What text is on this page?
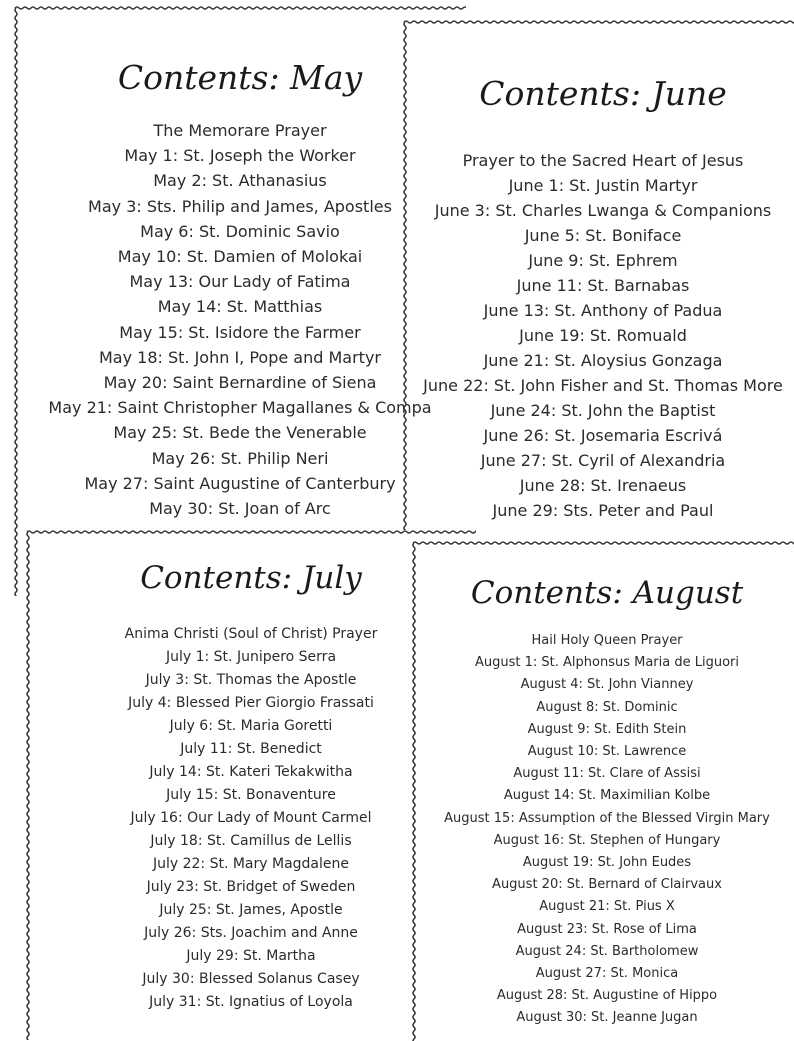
Contents: May
The Memorare Prayer
May 1: St. Joseph the Worker
May 2: St. Athanasius
May 3: Sts. Philip and James, Apostles
May 6: St. Dominic Savio
May 10: St. Damien of Molokai
May 13: Our Lady of Fatima
May 14: St. Matthias
May 15: St. Isidore the Farmer
May 18: St. John I, Pope and Martyr
May 20: Saint Bernardine of Siena
May 21: Saint Christopher Magallanes & Compa
May 25: St. Bede the Venerable
May 26: St. Philip Neri
May 27: Saint Augustine of Canterbury
May 30: St. Joan of Arc
Contents: June
Prayer to the Sacred Heart of Jesus
June 1: St. Justin Martyr
June 3: St. Charles Lwanga & Companions
June 5: St. Boniface
June 9: St. Ephrem
June 11: St. Barnabas
June 13: St. Anthony of Padua
June 19: St. Romuald
June 21: St. Aloysius Gonzaga
June 22: St. John Fisher and St. Thomas More
June 24: St. John the Baptist
June 26: St. Josemaria Escrivá
June 27: St. Cyril of Alexandria
June 28: St. Irenaeus
June 29: Sts. Peter and Paul
Contents: July
Anima Christi (Soul of Christ) Prayer
July 1: St. Junipero Serra
July 3: St. Thomas the Apostle
July 4: Blessed Pier Giorgio Frassati
July 6: St. Maria Goretti
July 11: St. Benedict
July 14: St. Kateri Tekakwitha
July 15: St. Bonaventure
July 16: Our Lady of Mount Carmel
July 18: St. Camillus de Lellis
July 22: St. Mary Magdalene
July 23: St. Bridget of Sweden
July 25: St. James, Apostle
July 26: Sts. Joachim and Anne
July 29: St. Martha
July 30: Blessed Solanus Casey
July 31: St. Ignatius of Loyola
Contents: August
Hail Holy Queen Prayer
August 1: St. Alphonsus Maria de Liguori
August 4: St. John Vianney
August 8: St. Dominic
August 9: St. Edith Stein
August 10: St. Lawrence
August 11: St. Clare of Assisi
August 14: St. Maximilian Kolbe
August 15: Assumption of the Blessed Virgin Mary
August 16: St. Stephen of Hungary
August 19: St. John Eudes
August 20: St. Bernard of Clairvaux
August 21: St. Pius X
August 23: St. Rose of Lima
August 24: St. Bartholomew
August 27: St. Monica
August 28: St. Augustine of Hippo
August 30: St. Jeanne Jugan
